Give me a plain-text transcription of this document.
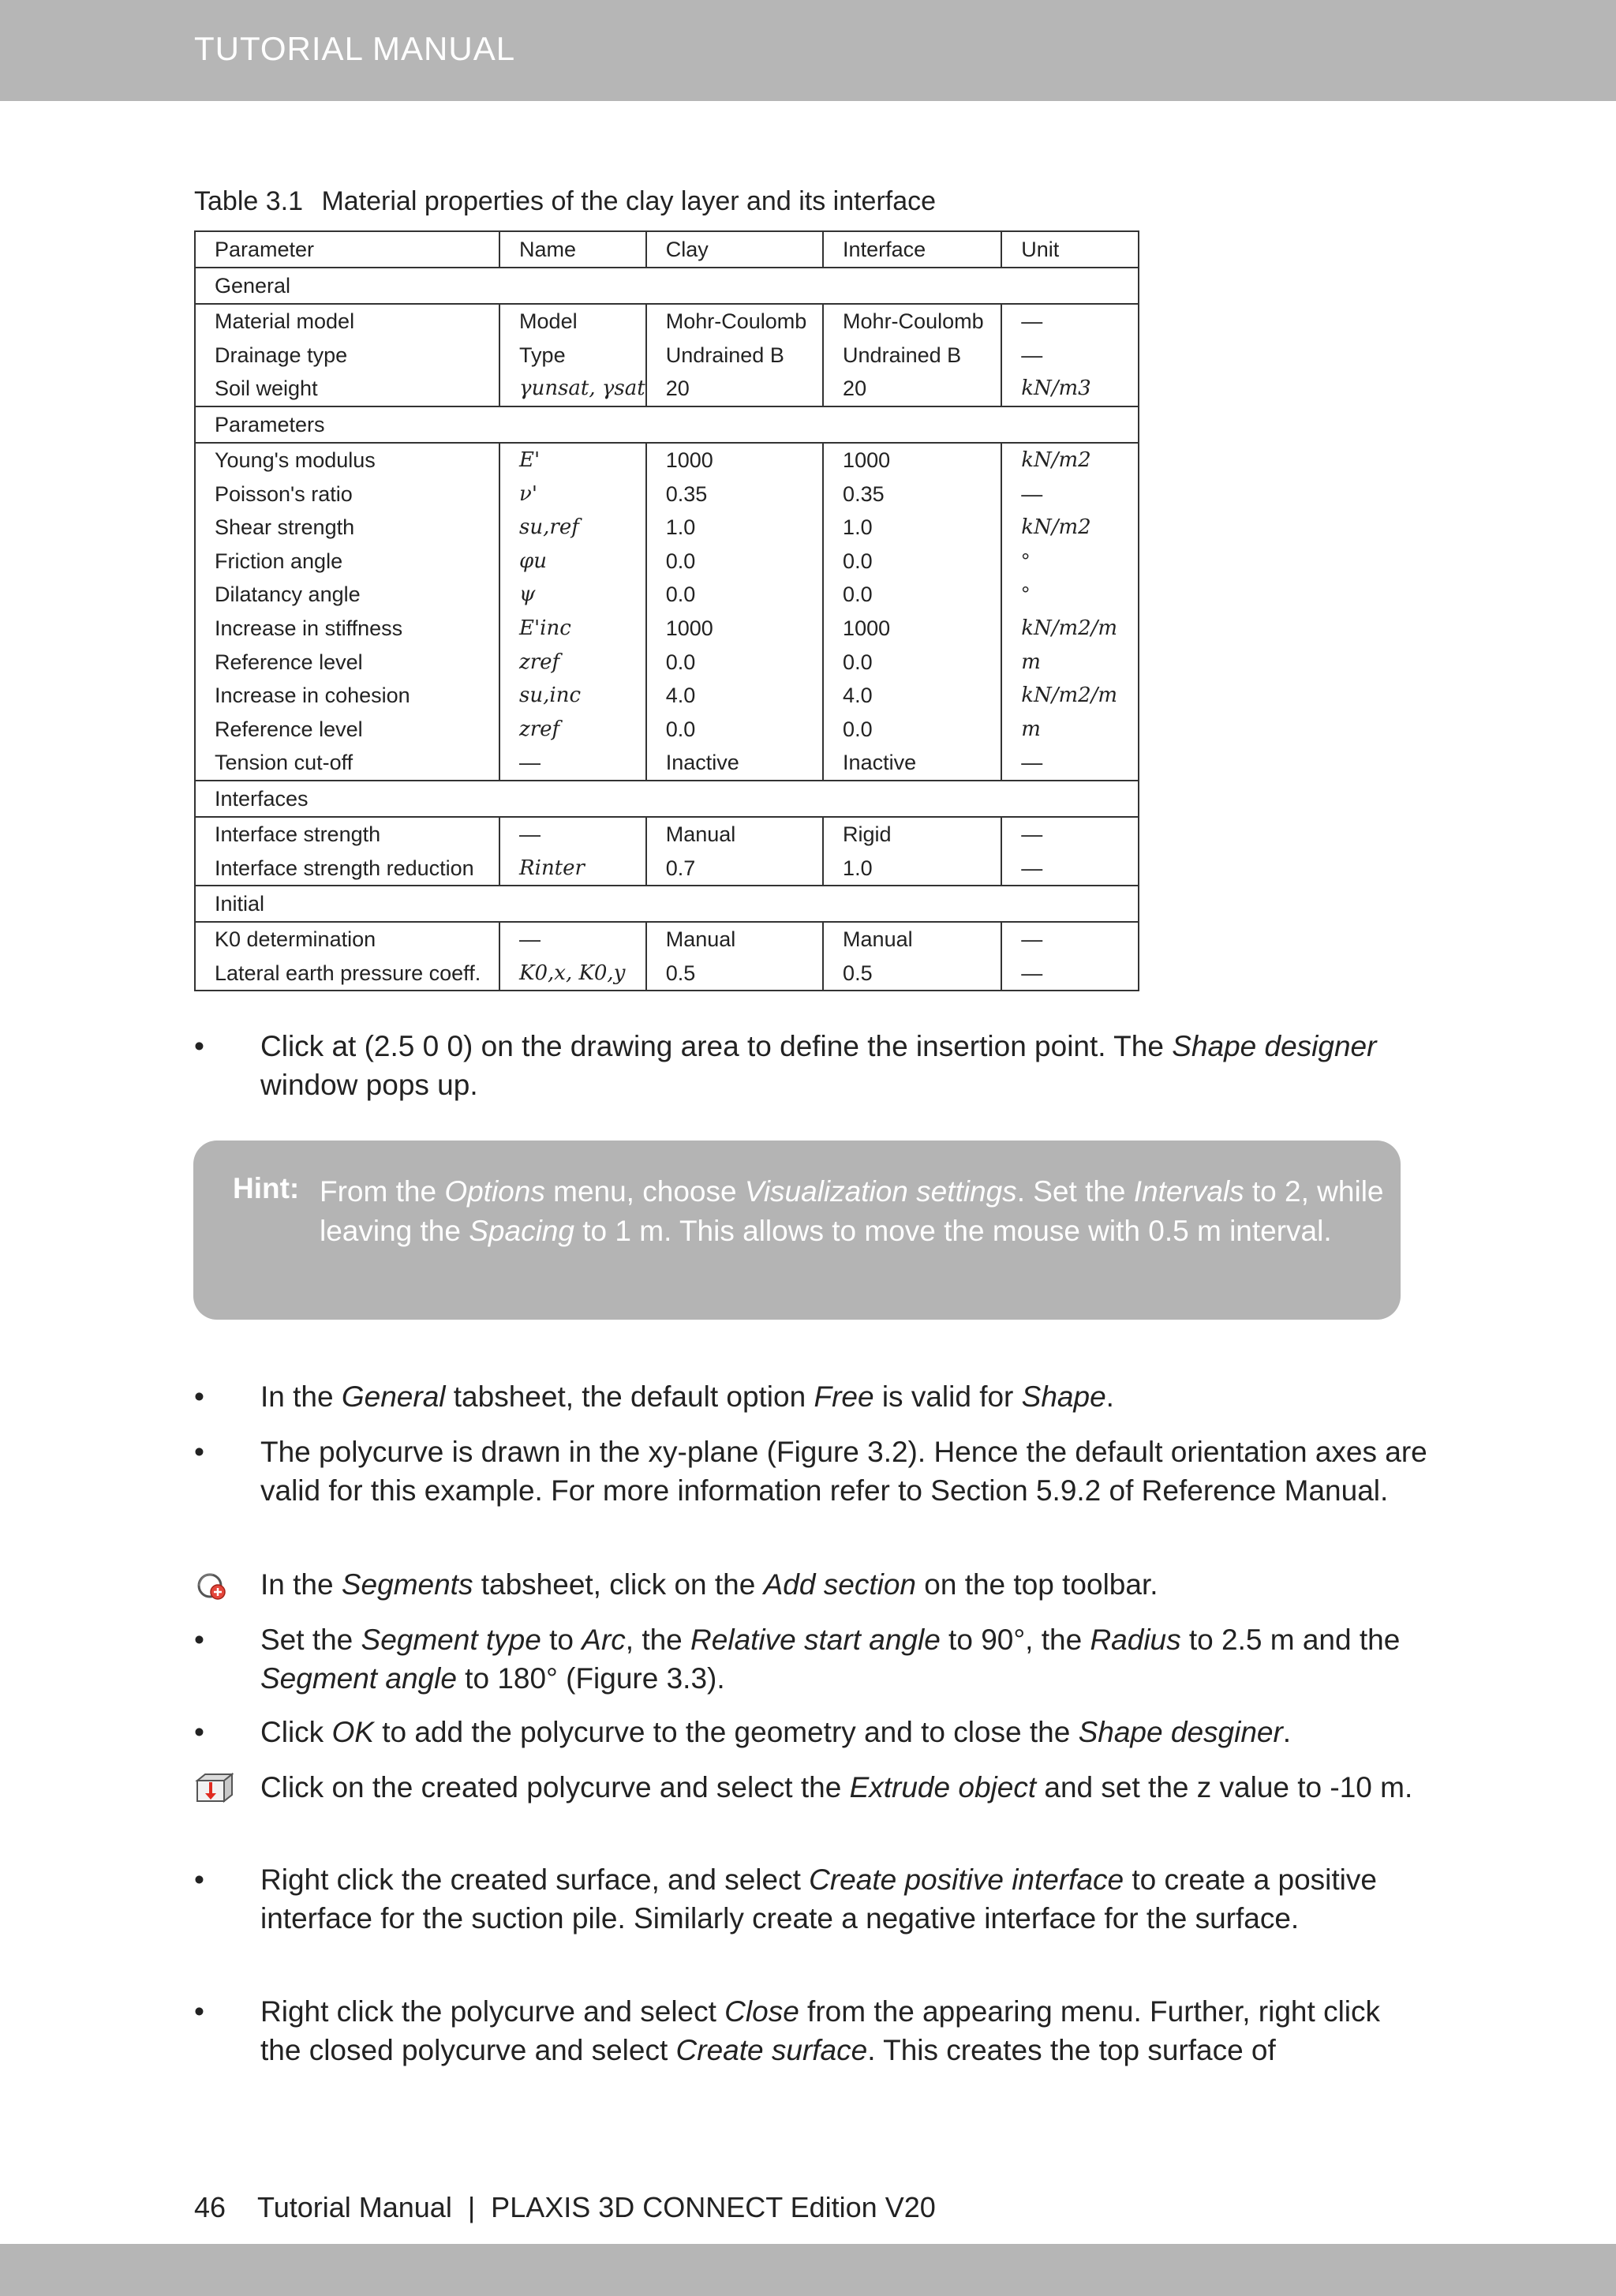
TUTORIAL MANUAL
Table 3.1 Material properties of the clay layer and its interface
Parameter	Name	Clay	Interface	Unit
General				
Material model	Model	Mohr-Coulomb	Mohr-Coulomb	—
Drainage type	Type	Undrained B	Undrained B	—
Soil weight	γunsat, γsat	20	20	kN/m3
Parameters				
Young's modulus	E'	1000	1000	kN/m2
Poisson's ratio	ν'	0.35	0.35	—
Shear strength	su,ref	1.0	1.0	kN/m2
Friction angle	φu	0.0	0.0	°
Dilatancy angle	ψ	0.0	0.0	°
Increase in stiffness	E'inc	1000	1000	kN/m2/m
Reference level	zref	0.0	0.0	m
Increase in cohesion	su,inc	4.0	4.0	kN/m2/m
Reference level	zref	0.0	0.0	m
Tension cut-off	—	Inactive	Inactive	—
Interfaces				
Interface strength	—	Manual	Rigid	—
Interface strength reduction	Rinter	0.7	1.0	—
Initial				
K0 determination	—	Manual	Manual	—
Lateral earth pressure coeff.	K0,x, K0,y	0.5	0.5	—
•	Click at (2.5 0 0) on the drawing area to define the insertion point. The Shape designer window pops up.
•	In the General tabsheet, the default option Free is valid for Shape.
•	The polycurve is drawn in the xy-plane (Figure 3.2). Hence the default orientation axes are valid for this example. For more information refer to Section 5.9.2 of Reference Manual.
In the Segments tabsheet, click on the Add section on the top toolbar.
•	Set the Segment type to Arc, the Relative start angle to 90°, the Radius to 2.5 m and the Segment angle to 180° (Figure 3.3).
•	Click OK to add the polycurve to the geometry and to close the Shape desginer.
Click on the created polycurve and select the Extrude object and set the z value to -10 m.
•	Right click the created surface, and select Create positive interface to create a positive interface for the suction pile. Similarly create a negative interface for the surface.
•	Right click the polycurve and select Close from the appearing menu. Further, right click the closed polycurve and select Create surface. This creates the top surface of
Hint: From the Options menu, choose Visualization settings. Set the Intervals to 2, while leaving the Spacing to 1 m. This allows to move the mouse with 0.5 m interval.
46 Tutorial Manual  |  PLAXIS 3D CONNECT Edition V20
